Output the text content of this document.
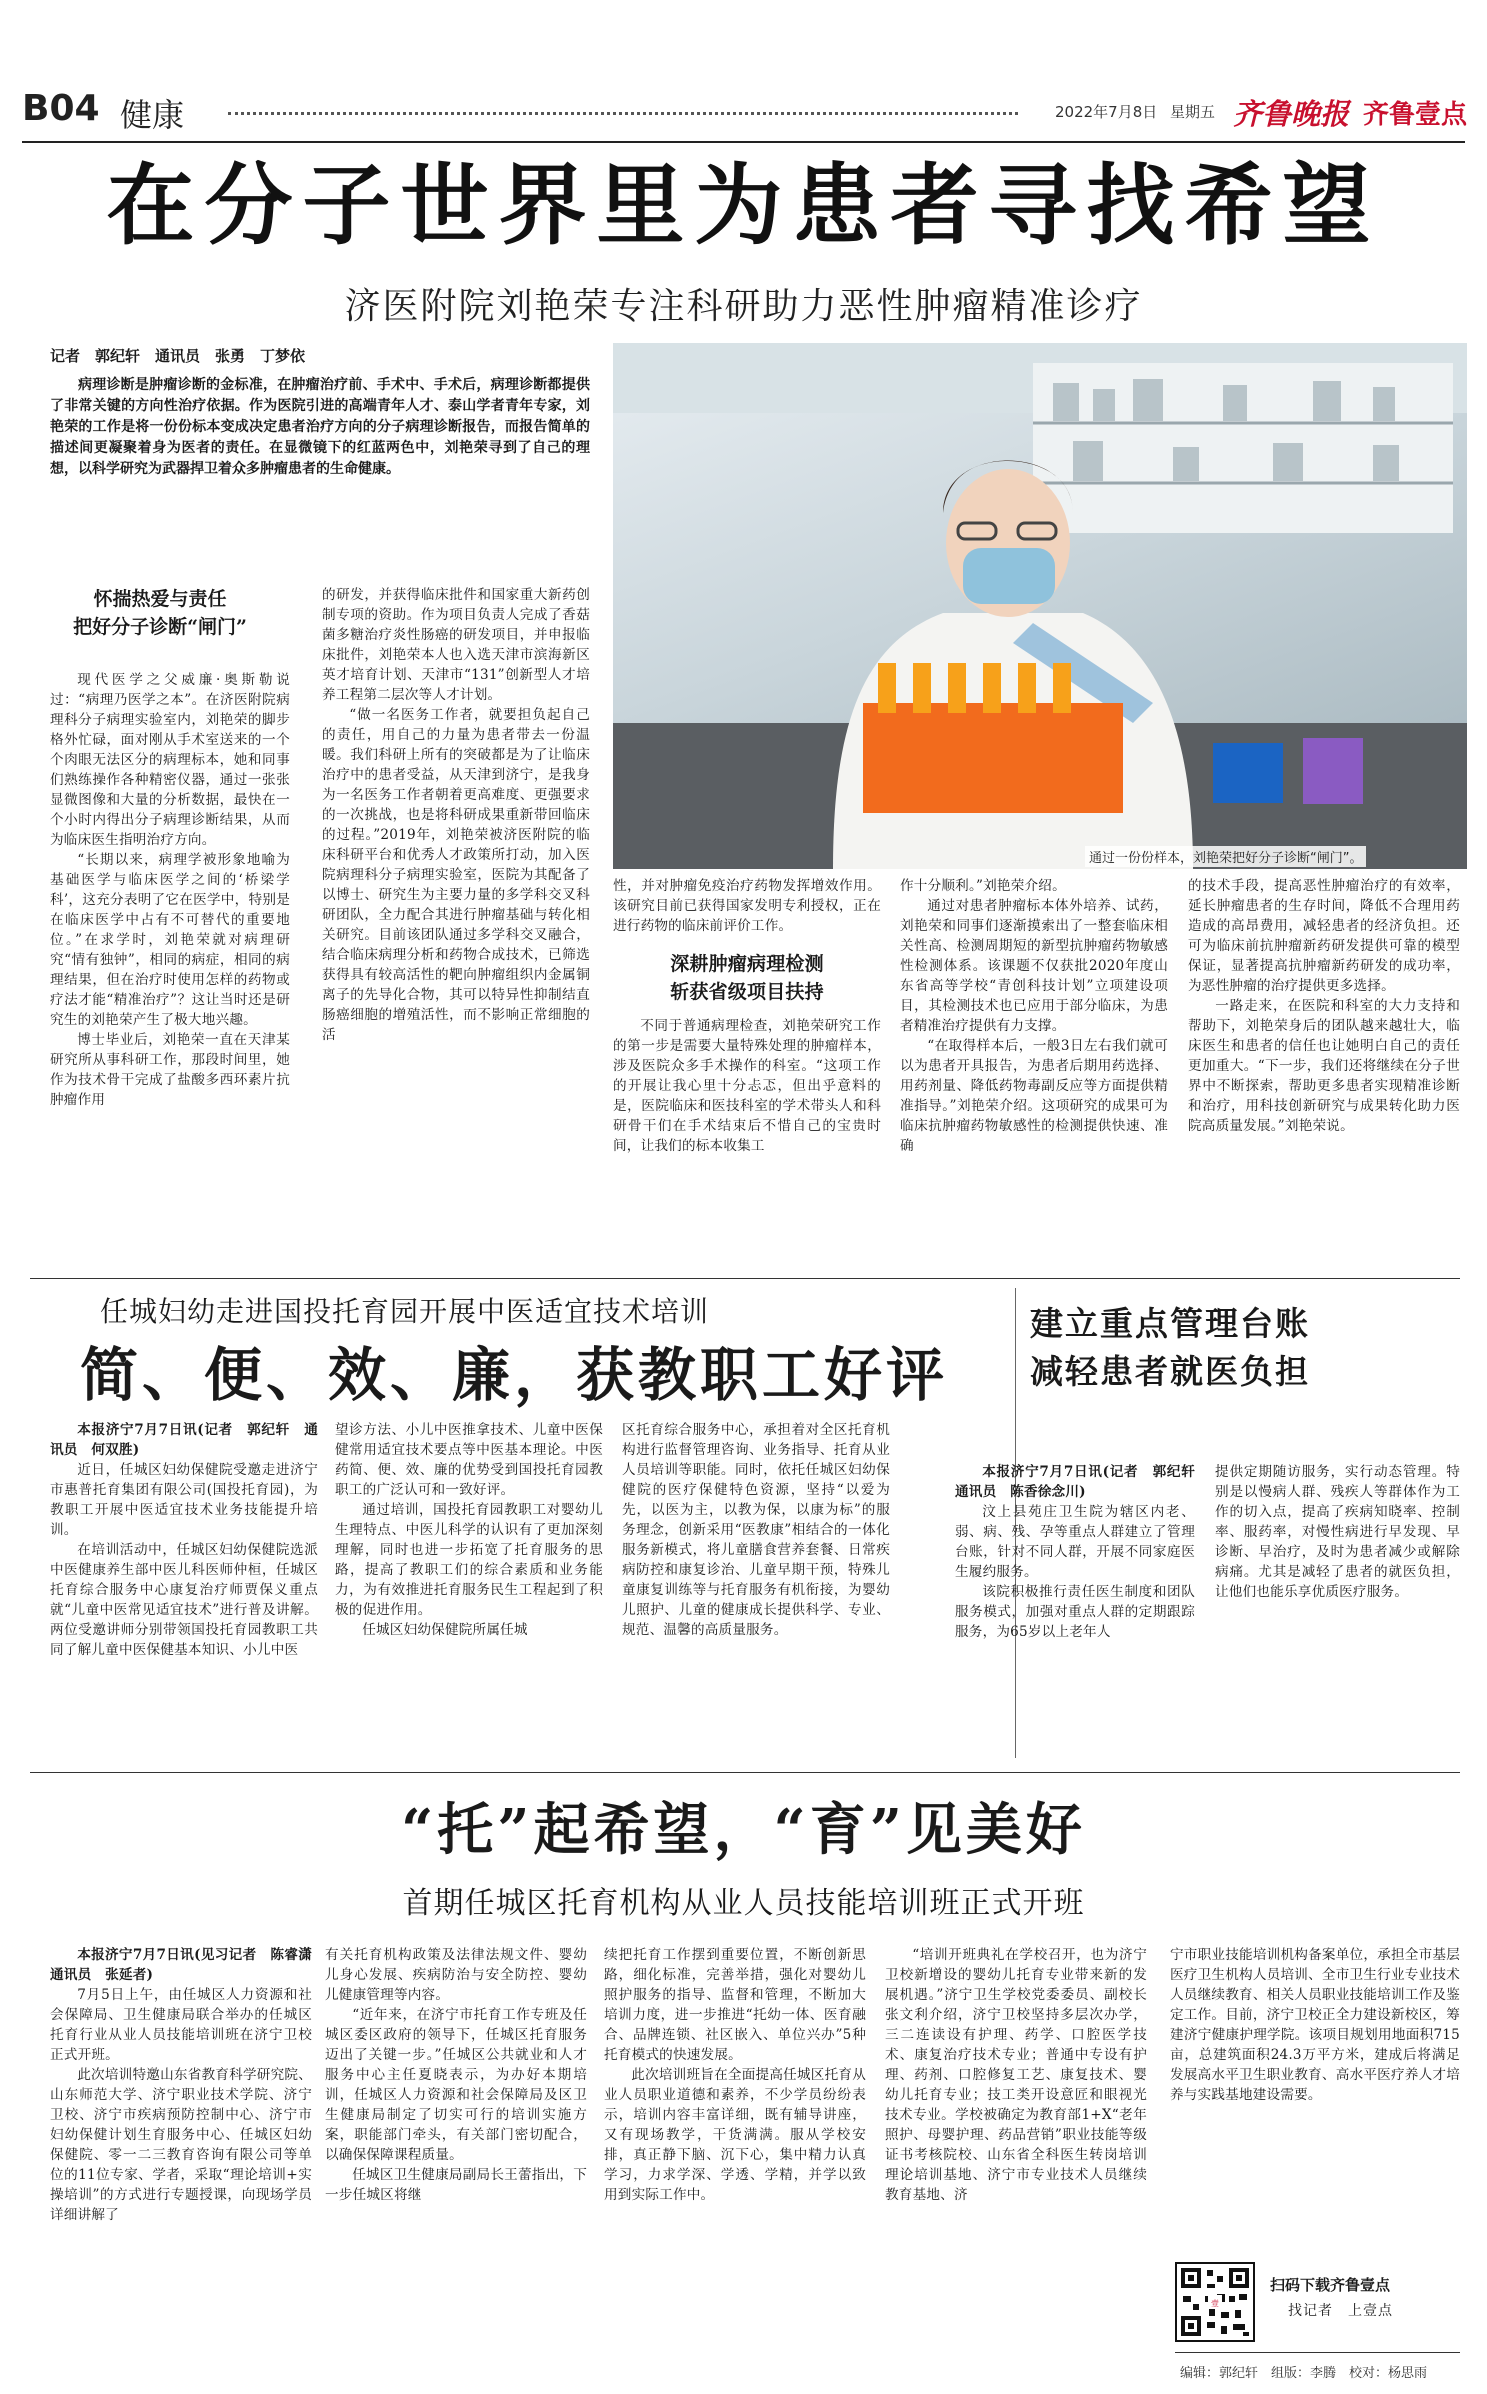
B04 健康	2022年7月8日 星期五 齐鲁晚报 齐鲁壹点
在分子世界里为患者寻找希望
济医附院刘艳荣专注科研助力恶性肿瘤精准诊疗
记者　郭纪轩　通讯员　张勇　丁梦依
病理诊断是肿瘤诊断的金标准，在肿瘤治疗前、手术中、手术后，病理诊断都提供了非常关键的方向性治疗依据。作为医院引进的高端青年人才、泰山学者青年专家，刘艳荣的工作是将一份份标本变成决定患者治疗方向的分子病理诊断报告，而报告简单的描述间更凝聚着身为医者的责任。在显微镜下的红蓝两色中，刘艳荣寻到了自己的理想，以科学研究为武器捍卫着众多肿瘤患者的生命健康。
通过一份份样本，刘艳荣把好分子诊断“闸门”。
怀揣热爱与责任
把好分子诊断“闸门”

现代医学之父威廉·奥斯勒说过：“病理乃医学之本”。在济医附院病理科分子病理实验室内，刘艳荣的脚步格外忙碌，面对刚从手术室送来的一个个肉眼无法区分的病理标本，她和同事们熟练操作各种精密仪器，通过一张张显微图像和大量的分析数据，最快在一个小时内得出分子病理诊断结果，从而为临床医生指明治疗方向。

“长期以来，病理学被形象地喻为基础医学与临床医学之间的‘桥梁学科’，这充分表明了它在医学中，特别是在临床医学中占有不可替代的重要地位。”在求学时，刘艳荣就对病理研究“情有独钟”，相同的病症，相同的病理结果，但在治疗时使用怎样的药物或疗法才能“精准治疗”？这让当时还是研究生的刘艳荣产生了极大地兴趣。

博士毕业后，刘艳荣一直在天津某研究所从事科研工作，那段时间里，她作为技术骨干完成了盐酸多西环素片抗肿瘤作用

的研发，并获得临床批件和国家重大新药创制专项的资助。作为项目负责人完成了香菇菌多糖治疗炎性肠癌的研发项目，并申报临床批件，刘艳荣本人也入选天津市滨海新区英才培育计划、天津市“131”创新型人才培养工程第二层次等人才计划。

“做一名医务工作者，就要担负起自己的责任，用自己的力量为患者带去一份温暖。我们科研上所有的突破都是为了让临床治疗中的患者受益，从天津到济宁，是我身为一名医务工作者朝着更高难度、更强要求的一次挑战，也是将科研成果重新带回临床的过程。”2019年，刘艳荣被济医附院的临床科研平台和优秀人才政策所打动，加入医院病理科分子病理实验室，医院为其配备了以博士、研究生为主要力量的多学科交叉科研团队，全力配合其进行肿瘤基础与转化相关研究。目前该团队通过多学科交叉融合，结合临床病理分析和药物合成技术，已筛选获得具有较高活性的靶向肿瘤组织内金属铜离子的先导化合物，其可以特异性抑制结直肠癌细胞的增殖活性，而不影响正常细胞的活

性，并对肿瘤免疫治疗药物发挥增效作用。该研究目前已获得国家发明专利授权，正在进行药物的临床前评价工作。

深耕肿瘤病理检测
斩获省级项目扶持

不同于普通病理检查，刘艳荣研究工作的第一步是需要大量特殊处理的肿瘤样本，涉及医院众多手术操作的科室。“这项工作的开展让我心里十分忐忑，但出乎意料的是，医院临床和医技科室的学术带头人和科研骨干们在手术结束后不惜自己的宝贵时间，让我们的标本收集工

作十分顺利。”刘艳荣介绍。

通过对患者肿瘤标本体外培养、试药，刘艳荣和同事们逐渐摸索出了一整套临床相关性高、检测周期短的新型抗肿瘤药物敏感性检测体系。该课题不仅获批2020年度山东省高等学校“青创科技计划”立项建设项目，其检测技术也已应用于部分临床，为患者精准治疗提供有力支撑。

“在取得样本后，一般3日左右我们就可以为患者开具报告，为患者后期用药选择、用药剂量、降低药物毒副反应等方面提供精准指导。”刘艳荣介绍。这项研究的成果可为临床抗肿瘤药物敏感性的检测提供快速、准确

的技术手段，提高恶性肿瘤治疗的有效率，延长肿瘤患者的生存时间，降低不合理用药造成的高昂费用，减轻患者的经济负担。还可为临床前抗肿瘤新药研发提供可靠的模型保证，显著提高抗肿瘤新药研发的成功率，为恶性肿瘤的治疗提供更多选择。

一路走来，在医院和科室的大力支持和帮助下，刘艳荣身后的团队越来越壮大，临床医生和患者的信任也让她明白自己的责任更加重大。“下一步，我们还将继续在分子世界中不断探索，帮助更多患者实现精准诊断和治疗，用科技创新研究与成果转化助力医院高质量发展。”刘艳荣说。

任城妇幼走进国投托育园开展中医适宜技术培训
简、便、效、廉，获教职工好评

本报济宁7月7日讯(记者　郭纪轩　通讯员　何双胜)

近日，任城区妇幼保健院受邀走进济宁市惠普托育集团有限公司(国投托育园)，为教职工开展中医适宜技术业务技能提升培训。

在培训活动中，任城区妇幼保健院选派中医健康养生部中医儿科医师仲桓，任城区托育综合服务中心康复治疗师贾保义重点就“儿童中医常见适宜技术”进行普及讲解。两位受邀讲师分别带领国投托育园教职工共同了解儿童中医保健基本知识、小儿中医

望诊方法、小儿中医推拿技术、儿童中医保健常用适宜技术要点等中医基本理论。中医药简、便、效、廉的优势受到国投托育园教职工的广泛认可和一致好评。

通过培训，国投托育园教职工对婴幼儿生理特点、中医儿科学的认识有了更加深刻理解，同时也进一步拓宽了托育服务的思路，提高了教职工们的综合素质和业务能力，为有效推进托育服务民生工程起到了积极的促进作用。

任城区妇幼保健院所属任城

区托育综合服务中心，承担着对全区托育机构进行监督管理咨询、业务指导、托育从业人员培训等职能。同时，依托任城区妇幼保健院的医疗保健特色资源，坚持“以爱为先，以医为主，以教为保，以康为标”的服务理念，创新采用“医教康”相结合的一体化服务新模式，将儿童膳食营养套餐、日常疾病防控和康复诊治、儿童早期干预，特殊儿童康复训练等与托育服务有机衔接，为婴幼儿照护、儿童的健康成长提供科学、专业、规范、温馨的高质量服务。

建立重点管理台账
减轻患者就医负担

本报济宁7月7日讯(记者　郭纪轩　通讯员　陈香徐念川)

汶上县苑庄卫生院为辖区内老、弱、病、残、孕等重点人群建立了管理台账，针对不同人群，开展不同家庭医生履约服务。

该院积极推行责任医生制度和团队服务模式，加强对重点人群的定期跟踪服务，为65岁以上老年人

提供定期随访服务，实行动态管理。特别是以慢病人群、残疾人等群体作为工作的切入点，提高了疾病知晓率、控制率、服药率，对慢性病进行早发现、早诊断、早治疗，及时为患者减少或解除病痛。尤其是减轻了患者的就医负担，让他们也能乐享优质医疗服务。

“托”起希望，“育”见美好
首期任城区托育机构从业人员技能培训班正式开班

本报济宁7月7日讯(见习记者　陈睿潇　通讯员　张延者)

7月5日上午，由任城区人力资源和社会保障局、卫生健康局联合举办的任城区托育行业从业人员技能培训班在济宁卫校正式开班。

此次培训特邀山东省教育科学研究院、山东师范大学、济宁职业技术学院、济宁卫校、济宁市疾病预防控制中心、济宁市妇幼保健计划生育服务中心、任城区妇幼保健院、零一二三教育咨询有限公司等单位的11位专家、学者，采取“理论培训+实操培训”的方式进行专题授课，向现场学员详细讲解了

有关托育机构政策及法律法规文件、婴幼儿身心发展、疾病防治与安全防控、婴幼儿健康管理等内容。

“近年来，在济宁市托育工作专班及任城区委区政府的领导下，任城区托育服务迈出了关键一步。”任城区公共就业和人才服务中心主任夏晓表示，为办好本期培训，任城区人力资源和社会保障局及区卫生健康局制定了切实可行的培训实施方案，职能部门牵头，有关部门密切配合，以确保保障课程质量。

任城区卫生健康局副局长王蕾指出，下一步任城区将继

续把托育工作摆到重要位置，不断创新思路，细化标准，完善举措，强化对婴幼儿照护服务的指导、监督和管理，不断加大培训力度，进一步推进“托幼一体、医育融合、品牌连锁、社区嵌入、单位兴办”5种托育模式的快速发展。

此次培训班旨在全面提高任城区托育从业人员职业道德和素养，不少学员纷纷表示，培训内容丰富详细，既有辅导讲座，又有现场教学，干货满满。服从学校安排，真正静下脑、沉下心，集中精力认真学习，力求学深、学透、学精，并学以致用到实际工作中。

“培训开班典礼在学校召开，也为济宁卫校新增设的婴幼儿托育专业带来新的发展机遇。”济宁卫生学校党委委员、副校长张文利介绍，济宁卫校坚持多层次办学，三二连读设有护理、药学、口腔医学技术、康复治疗技术专业；普通中专设有护理、药剂、口腔修复工艺、康复技术、婴幼儿托育专业；技工类开设意匠和眼视光技术专业。学校被确定为教育部1+X“老年照护、母婴护理、药品营销”职业技能等级证书考核院校、山东省全科医生转岗培训理论培训基地、济宁市专业技术人员继续教育基地、济

宁市职业技能培训机构备案单位，承担全市基层医疗卫生机构人员培训、全市卫生行业专业技术人员继续教育、相关人员职业技能培训工作及鉴定工作。目前，济宁卫校正全力建设新校区，筹建济宁健康护理学院。该项目规划用地面积715亩，总建筑面积24.3万平方米，建成后将满足发展高水平卫生职业教育、高水平医疗养人才培养与实践基地建设需要。

壹
扫码下载齐鲁壹点
找记者　上壹点
编辑：郭纪轩　组版：李腾　校对：杨思雨
